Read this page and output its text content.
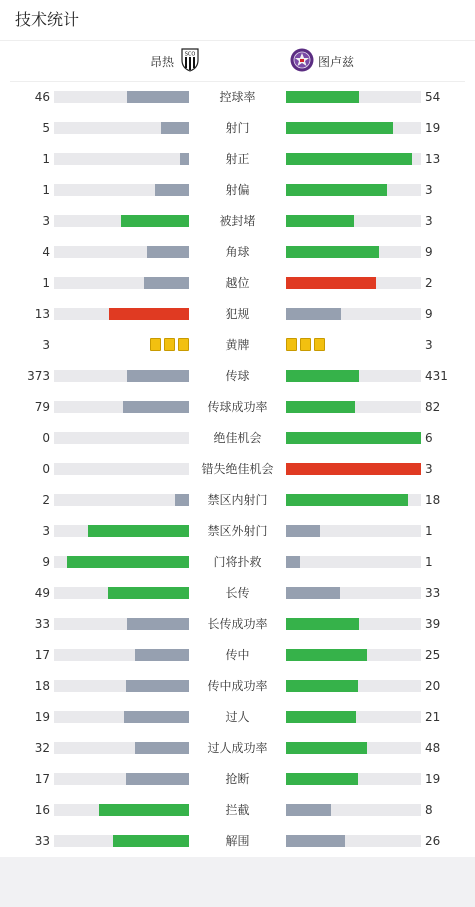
技术统计
昂热
SCO
图卢兹
46	控球率	54
5	射门	19
1	射正	13
1	射偏	3
3	被封堵	3
4	角球	9
1	越位	2
13	犯规	9
3	黄牌	3
373	传球	431
79	传球成功率	82
0	绝佳机会	6
0	错失绝佳机会	3
2	禁区内射门	18
3	禁区外射门	1
9	门将扑救	1
49	长传	33
33	长传成功率	39
17	传中	25
18	传中成功率	20
19	过人	21
32	过人成功率	48
17	抢断	19
16	拦截	8
33	解围	26
